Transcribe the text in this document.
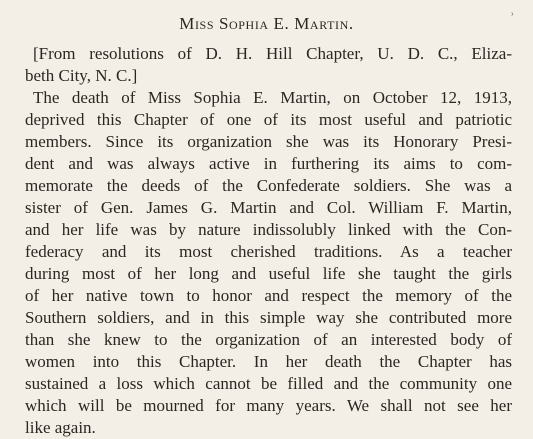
Miss Sophia E. Martin.	ʾ
[From resolutions of D. H. Hill Chapter, U. D. C., Eliza-
beth City, N. C.]
The death of Miss Sophia E. Martin, on October 12, 1913,
deprived this Chapter of one of its most useful and patriotic
members. Since its organization she was its Honorary Presi-
dent and was always active in furthering its aims to com-
memorate the deeds of the Confederate soldiers. She was a
sister of Gen. James G. Martin and Col. William F. Martin,
and her life was by nature indissolubly linked with the Con-
federacy and its most cherished traditions. As a teacher
during most of her long and useful life she taught the girls
of her native town to honor and respect the memory of the
Southern soldiers, and in this simple way she contributed more
than she knew to the organization of an interested body of
women into this Chapter. In her death the Chapter has
sustained a loss which cannot be filled and the community one
which will be mourned for many years. We shall not see her
like again.
